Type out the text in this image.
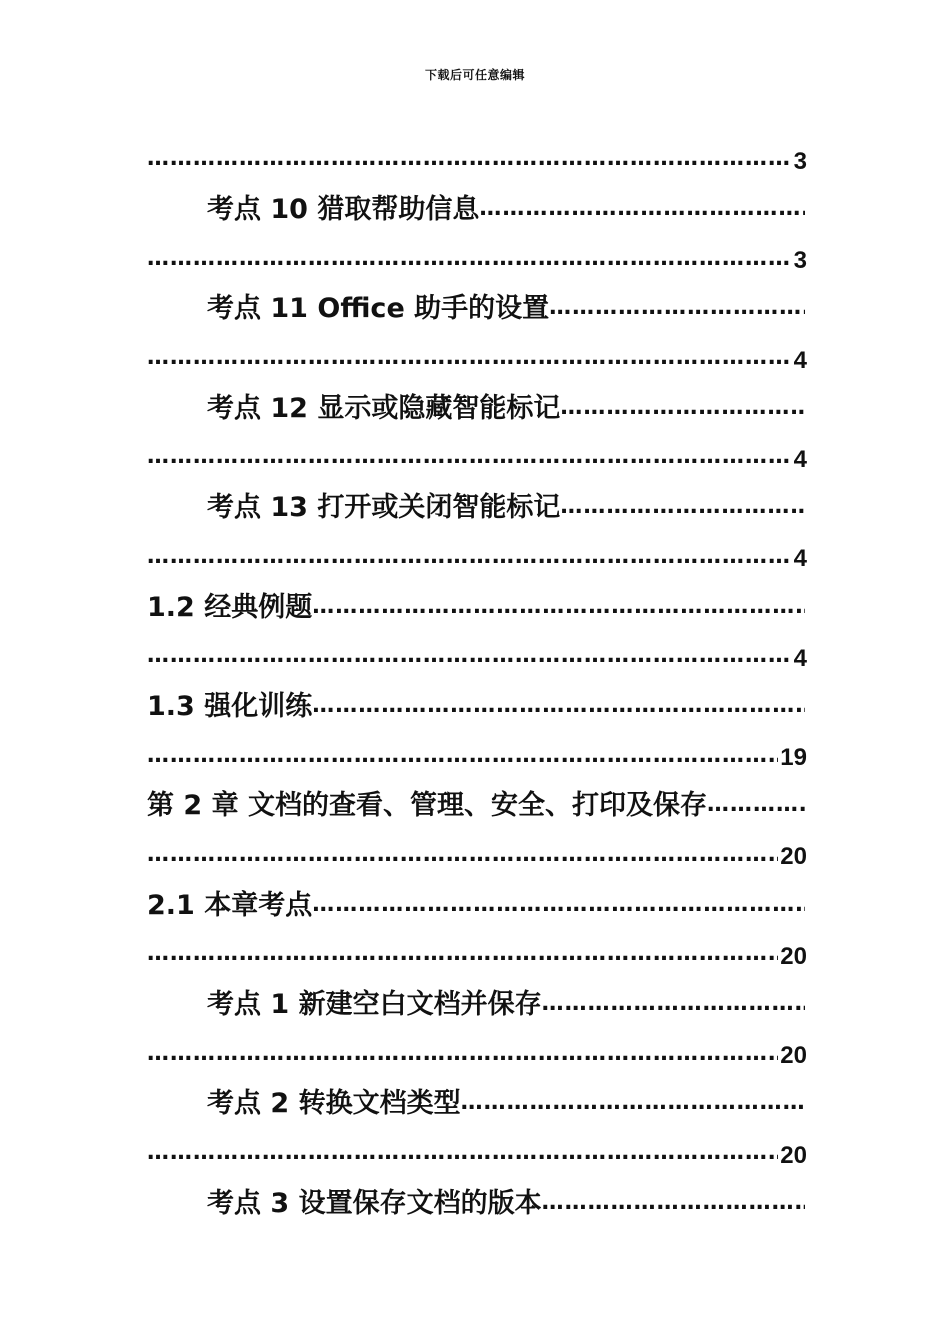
下载后可任意编辑
…………………………………………………………………………………………………………………………………………………………
3
考点 10 猎取帮助信息
…………………………………………………………………………………………………………………………………………………………
…………………………………………………………………………………………………………………………………………………………
3
考点 11 Office 助手的设置
…………………………………………………………………………………………………………………………………………………………
…………………………………………………………………………………………………………………………………………………………
4
考点 12 显示或隐藏智能标记
…………………………………………………………………………………………………………………………………………………………
…………………………………………………………………………………………………………………………………………………………
4
考点 13 打开或关闭智能标记
…………………………………………………………………………………………………………………………………………………………
…………………………………………………………………………………………………………………………………………………………
4
1.2 经典例题
…………………………………………………………………………………………………………………………………………………………
…………………………………………………………………………………………………………………………………………………………
4
1.3 强化训练
…………………………………………………………………………………………………………………………………………………………
…………………………………………………………………………………………………………………………………………………………
19
第 2 章 文档的查看、管理、安全、打印及保存
…………………………………………………………………………………………………………………………………………………………
…………………………………………………………………………………………………………………………………………………………
20
2.1 本章考点
…………………………………………………………………………………………………………………………………………………………
…………………………………………………………………………………………………………………………………………………………
20
考点 1 新建空白文档并保存
…………………………………………………………………………………………………………………………………………………………
…………………………………………………………………………………………………………………………………………………………
20
考点 2 转换文档类型
…………………………………………………………………………………………………………………………………………………………
…………………………………………………………………………………………………………………………………………………………
20
考点 3 设置保存文档的版本
…………………………………………………………………………………………………………………………………………………………
